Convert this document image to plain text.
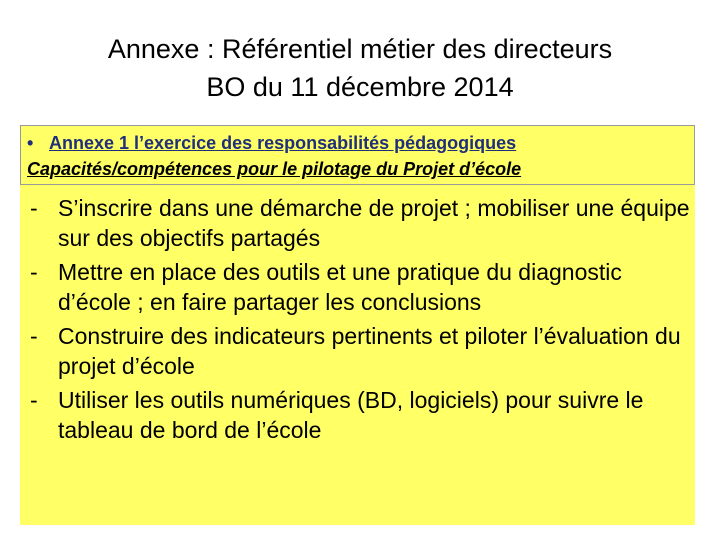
Annexe : Référentiel métier des directeurs
BO du 11 décembre 2014
• Annexe 1 l’exercice des responsabilités pédagogiques
Capacités/compétences pour le pilotage du Projet d’école
- S’inscrire dans une démarche de projet ; mobiliser une équipe sur des objectifs partagés
- Mettre en place des outils et une pratique du diagnostic d’école ; en faire partager les conclusions
- Construire des indicateurs pertinents et piloter l’évaluation du projet d’école
- Utiliser les outils numériques (BD, logiciels) pour suivre le tableau de bord de l’école
